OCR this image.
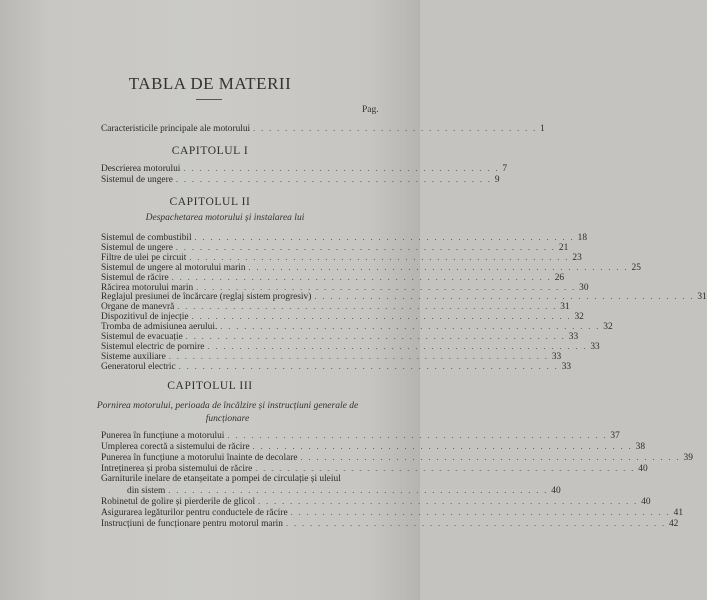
TABLA DE MATERII
Pag.
Caracteristicile principale ale motorului . . . . . . . . . . . . . . . . . . . . . . . . . . . . . . . . . . . . 1
CAPITOLUL I
Descrierea motorului . . . . . . . . . . . . . . . . . . . . . . . . . . . . . . . . . . . . . . . . 7
Sistemul de ungere . . . . . . . . . . . . . . . . . . . . . . . . . . . . . . . . . . . . . . . . 9
CAPITOLUL II
Despachetarea motorului și instalarea lui
Sistemul de combustibil . . . . . . . . . . . . . . . . . . . . . . . . . . . . . . . . . . . . . . . . . . . . . . . . 18
Sistemul de ungere . . . . . . . . . . . . . . . . . . . . . . . . . . . . . . . . . . . . . . . . . . . . . . . . 21
Filtre de ulei pe circuit . . . . . . . . . . . . . . . . . . . . . . . . . . . . . . . . . . . . . . . . . . . . . . . . 23
Sistemul de ungere al motorului marin . . . . . . . . . . . . . . . . . . . . . . . . . . . . . . . . . . . . . . . . . . . . . . . . 25
Sistemul de răcire . . . . . . . . . . . . . . . . . . . . . . . . . . . . . . . . . . . . . . . . . . . . . . . . 26
Răcirea motorului marin . . . . . . . . . . . . . . . . . . . . . . . . . . . . . . . . . . . . . . . . . . . . . . . . 30
Reglajul presiunei de încărcare (reglaj sistem progresiv) . . . . . . . . . . . . . . . . . . . . . . . . . . . . . . . . . . . . . . . . . . . . . . . . 31
Organe de manevră . . . . . . . . . . . . . . . . . . . . . . . . . . . . . . . . . . . . . . . . . . . . . . . . 31
Dispozitivul de injecție . . . . . . . . . . . . . . . . . . . . . . . . . . . . . . . . . . . . . . . . . . . . . . . . 32
Tromba de admisiunea aerului. . . . . . . . . . . . . . . . . . . . . . . . . . . . . . . . . . . . . . . . . . . . . . . . . 32
Sistemul de evacuație . . . . . . . . . . . . . . . . . . . . . . . . . . . . . . . . . . . . . . . . . . . . . . . . 33
Sistemul electric de pornire . . . . . . . . . . . . . . . . . . . . . . . . . . . . . . . . . . . . . . . . . . . . . . . . 33
Sisteme auxiliare . . . . . . . . . . . . . . . . . . . . . . . . . . . . . . . . . . . . . . . . . . . . . . . . 33
Generatorul electric . . . . . . . . . . . . . . . . . . . . . . . . . . . . . . . . . . . . . . . . . . . . . . . . 33
CAPITOLUL III
Pornirea motorului, perioada de încălzire și instrucțiuni generale de funcționare
Punerea în funcțiune a motorului . . . . . . . . . . . . . . . . . . . . . . . . . . . . . . . . . . . . . . . . . . . . . . . . 37
Umplerea corectă a sistemului de răcire . . . . . . . . . . . . . . . . . . . . . . . . . . . . . . . . . . . . . . . . . . . . . . . . 38
Punerea în funcțiune a motorului înainte de decolare . . . . . . . . . . . . . . . . . . . . . . . . . . . . . . . . . . . . . . . . . . . . . . . . 39
Intreținerea și proba sistemului de răcire . . . . . . . . . . . . . . . . . . . . . . . . . . . . . . . . . . . . . . . . . . . . . . . . 40
Garniturile inelare de etanșeitate a pompei de circulație și uleiul
din sistem . . . . . . . . . . . . . . . . . . . . . . . . . . . . . . . . . . . . . . . . . . . . . . . . 40
Robinetul de golire și pierderile de glicol . . . . . . . . . . . . . . . . . . . . . . . . . . . . . . . . . . . . . . . . . . . . . . . . 40
Asigurarea legăturilor pentru conductele de răcire . . . . . . . . . . . . . . . . . . . . . . . . . . . . . . . . . . . . . . . . . . . . . . . . 41
Instrucțiuni de funcționare pentru motorul marin . . . . . . . . . . . . . . . . . . . . . . . . . . . . . . . . . . . . . . . . . . . . . . . . 42
